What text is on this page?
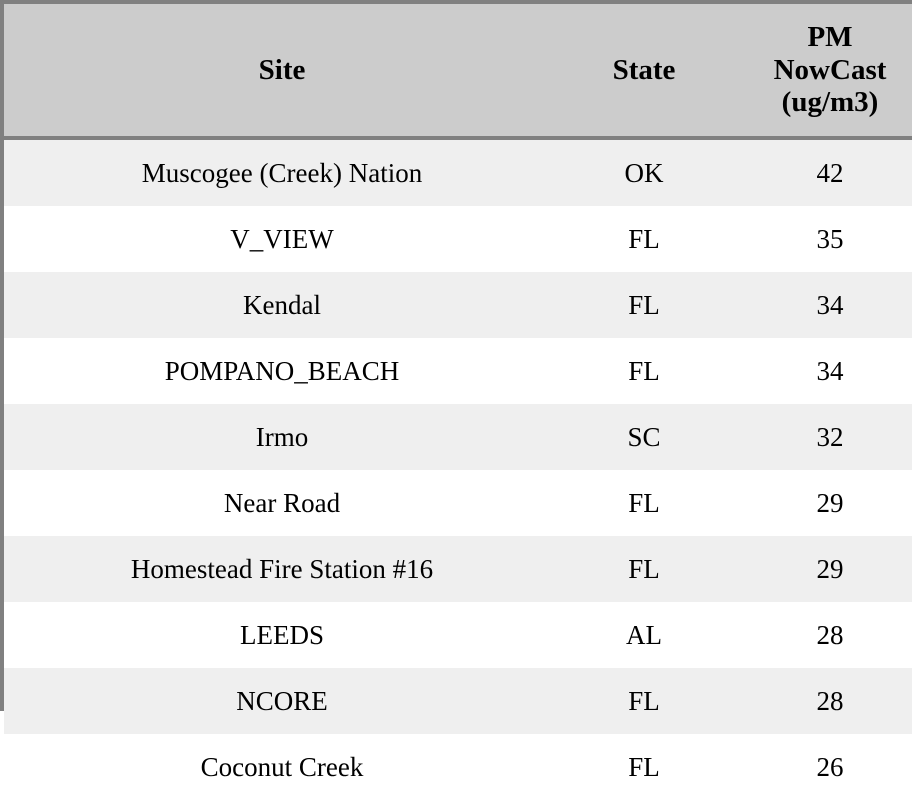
Site	State	PM
NowCast
(ug/m3)

Muscogee (Creek) Nation	OK	42
V_VIEW	FL	35
Kendal	FL	34
POMPANO_BEACH	FL	34
Irmo	SC	32
Near Road	FL	29
Homestead Fire Station #16	FL	29
LEEDS	AL	28
NCORE	FL	28
Coconut Creek	FL	26
